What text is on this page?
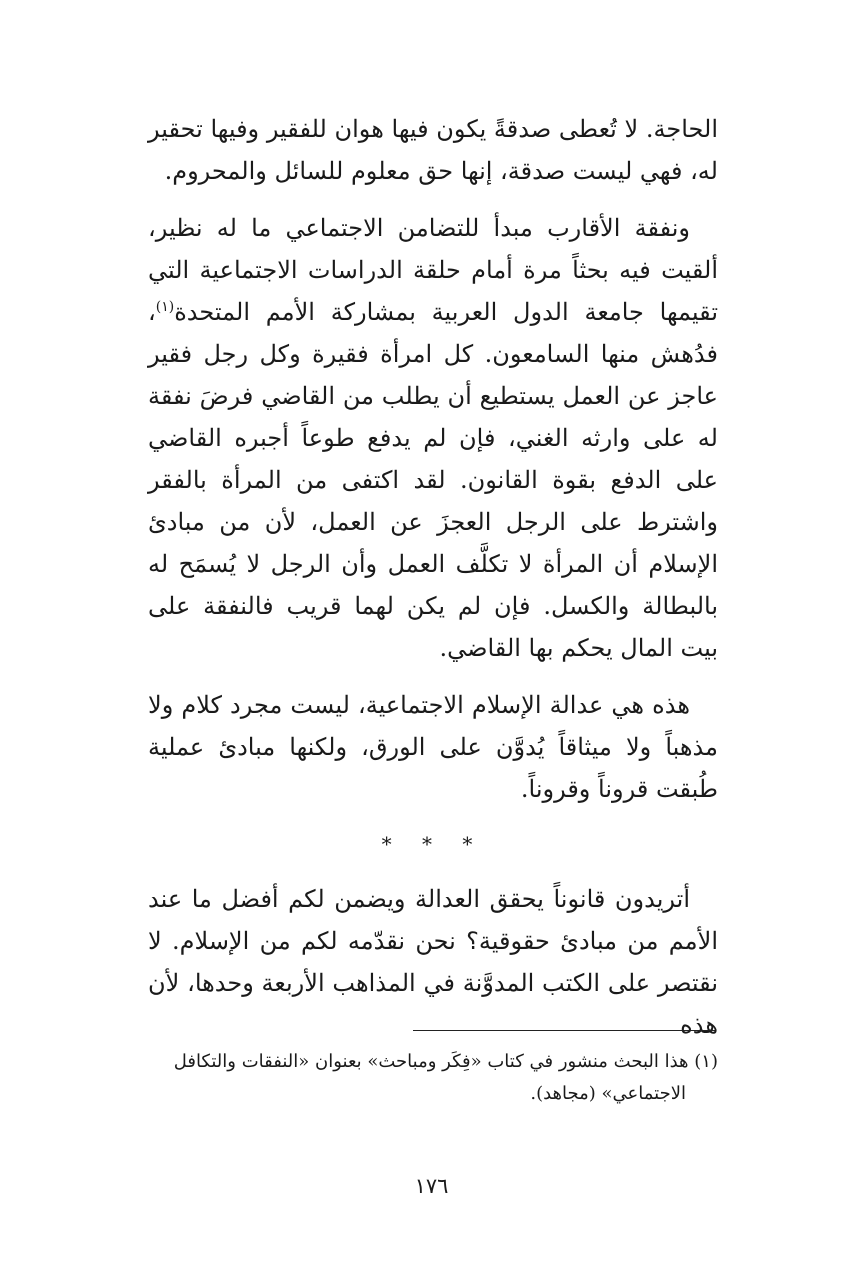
الحاجة. لا تُعطى صدقةً يكون فيها هوان للفقير وفيها تحقير له، فهي ليست صدقة، إنها حق معلوم للسائل والمحروم.

ونفقة الأقارب مبدأ للتضامن الاجتماعي ما له نظير، ألقيت فيه بحثاً مرة أمام حلقة الدراسات الاجتماعية التي تقيمها جامعة الدول العربية بمشاركة الأمم المتحدة$^{(١)}$، فدُهش منها السامعون. كل امرأة فقيرة وكل رجل فقير عاجز عن العمل يستطيع أن يطلب من القاضي فرضَ نفقة له على وارثه الغني، فإن لم يدفع طوعاً أجبره القاضي على الدفع بقوة القانون. لقد اكتفى من المرأة بالفقر واشترط على الرجل العجزَ عن العمل، لأن من مبادئ الإسلام أن المرأة لا تكلَّف العمل وأن الرجل لا يُسمَح له بالبطالة والكسل. فإن لم يكن لهما قريب فالنفقة على بيت المال يحكم بها القاضي.

هذه هي عدالة الإسلام الاجتماعية، ليست مجرد كلام ولا مذهباً ولا ميثاقاً يُدوَّن على الورق، ولكنها مبادئ عملية طُبقت قروناً وقروناً.

* * *

أتريدون قانوناً يحقق العدالة ويضمن لكم أفضل ما عند الأمم من مبادئ حقوقية؟ نحن نقدّمه لكم من الإسلام. لا نقتصر على الكتب المدوَّنة في المذاهب الأربعة وحدها، لأن هذه

(١) هذا البحث منشور في كتاب «فِكَر ومباحث» بعنوان «النفقات والتكافل
الاجتماعي» (مجاهد).
١٧٦
